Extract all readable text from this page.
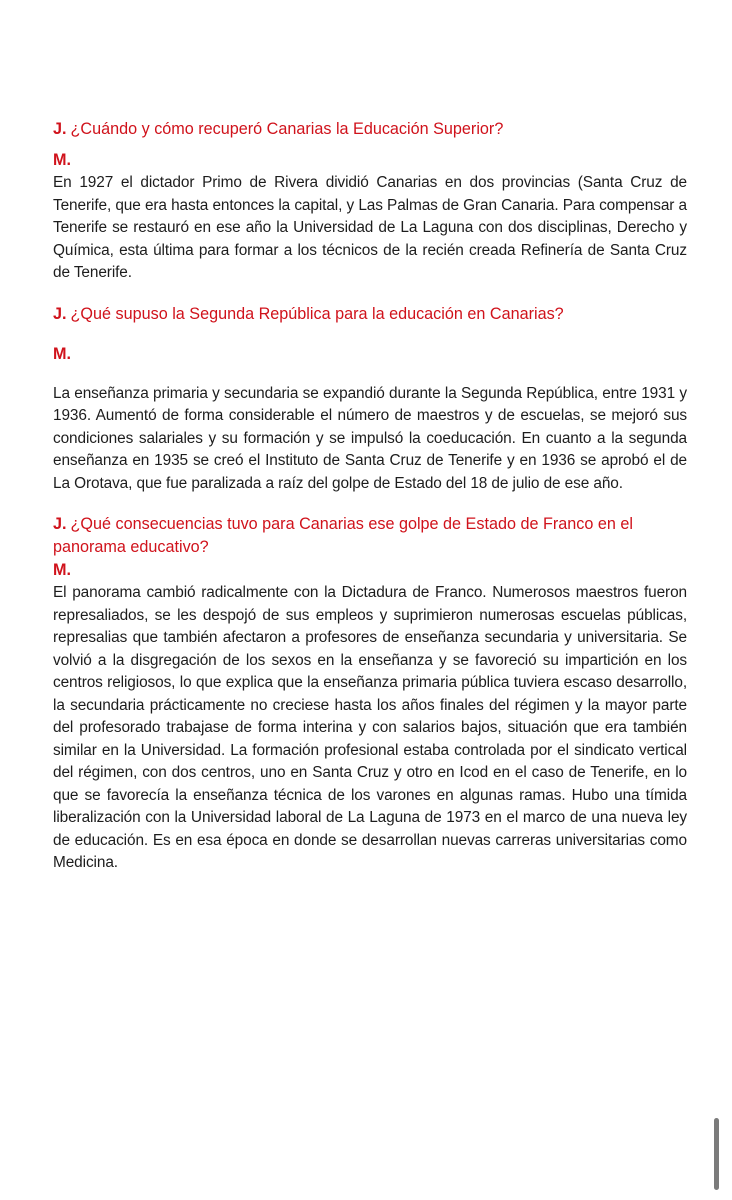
J. ¿Cuándo y cómo recuperó Canarias la Educación Superior?

M.

En 1927 el dictador Primo de Rivera dividió Canarias en dos provincias (Santa Cruz de Tenerife, que era hasta entonces la capital, y Las Palmas de Gran Canaria. Para compensar a Tenerife se restauró en ese año la Universidad de La Laguna con dos disciplinas, Derecho y Química, esta última para formar a los técnicos de la recién creada Refinería de Santa Cruz de Tenerife.

J. ¿Qué supuso la Segunda República para la educación en Canarias?

M.

La enseñanza primaria y secundaria se expandió durante la Segunda República, entre 1931 y 1936. Aumentó de forma considerable el número de maestros y de escuelas, se mejoró sus condiciones salariales y su formación y se impulsó la coeducación. En cuanto a la segunda enseñanza en 1935 se creó el Instituto de Santa Cruz de Tenerife y en 1936 se aprobó el de La Orotava, que fue paralizada a raíz del golpe de Estado del 18 de julio de ese año.

J. ¿Qué consecuencias tuvo para Canarias ese golpe de Estado de Franco en el panorama educativo?

M.

El panorama cambió radicalmente con la Dictadura de Franco. Numerosos maestros fueron represaliados, se les despojó de sus empleos y suprimieron numerosas escuelas públicas, represalias que también afectaron a profesores de enseñanza secundaria y universitaria. Se volvió a la disgregación de los sexos en la enseñanza y se favoreció su impartición en los centros religiosos, lo que explica que la enseñanza primaria pública tuviera escaso desarrollo, la secundaria prácticamente no creciese hasta los años finales del régimen y la mayor parte del profesorado trabajase de forma interina y con salarios bajos, situación que era también similar en la Universidad. La formación profesional estaba controlada por el sindicato vertical del régimen, con dos centros, uno en Santa Cruz y otro en Icod en el caso de Tenerife, en lo que se favorecía la enseñanza técnica de los varones en algunas ramas. Hubo una tímida liberalización con la Universidad laboral de La Laguna de 1973 en el marco de una nueva ley de educación. Es en esa época en donde se desarrollan nuevas carreras universitarias como Medicina.
